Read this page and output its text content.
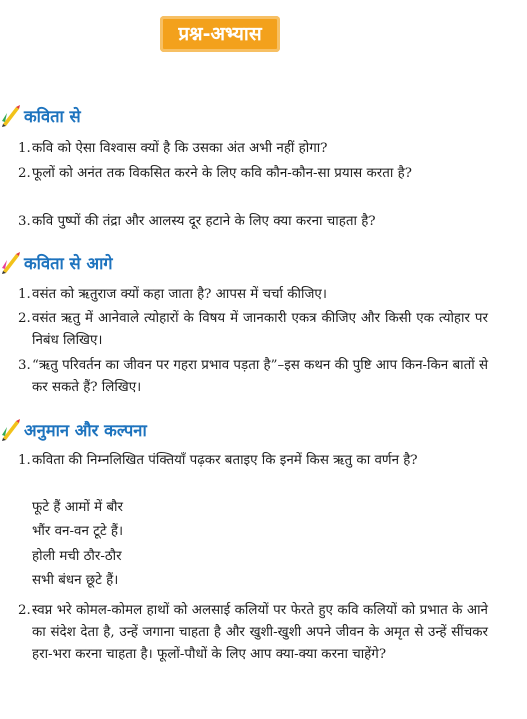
प्रश्न-अभ्यास
कविता से
1. कवि को ऐसा विश्वास क्यों है कि उसका अंत अभी नहीं होगा?
2. फूलों को अनंत तक विकसित करने के लिए कवि कौन-कौन-सा प्रयास करता है?
3. कवि पुष्पों की तंद्रा और आलस्य दूर हटाने के लिए क्या करना चाहता है?
कविता से आगे
1. वसंत को ऋतुराज क्यों कहा जाता है? आपस में चर्चा कीजिए।
2. वसंत ऋतु में आनेवाले त्योहारों के विषय में जानकारी एकत्र कीजिए और किसी एक त्योहार पर निबंध लिखिए।
3. “ऋतु परिवर्तन का जीवन पर गहरा प्रभाव पड़ता है”–इस कथन की पुष्टि आप किन-किन बातों से कर सकते हैं? लिखिए।
अनुमान और कल्पना
1. कविता की निम्नलिखित पंक्तियाँ पढ़कर बताइए कि इनमें किस ऋतु का वर्णन है?
फूटे हैं आमों में बौर
भौंर वन-वन टूटे हैं।
होली मची ठौर-ठौर
सभी बंधन छूटे हैं।
2. स्वप्न भरे कोमल-कोमल हाथों को अलसाई कलियों पर फेरते हुए कवि कलियों को प्रभात के आने का संदेश देता है, उन्हें जगाना चाहता है और खुशी-खुशी अपने जीवन के अमृत से उन्हें सींचकर हरा-भरा करना चाहता है। फूलों-पौधों के लिए आप क्या-क्या करना चाहेंगे?
